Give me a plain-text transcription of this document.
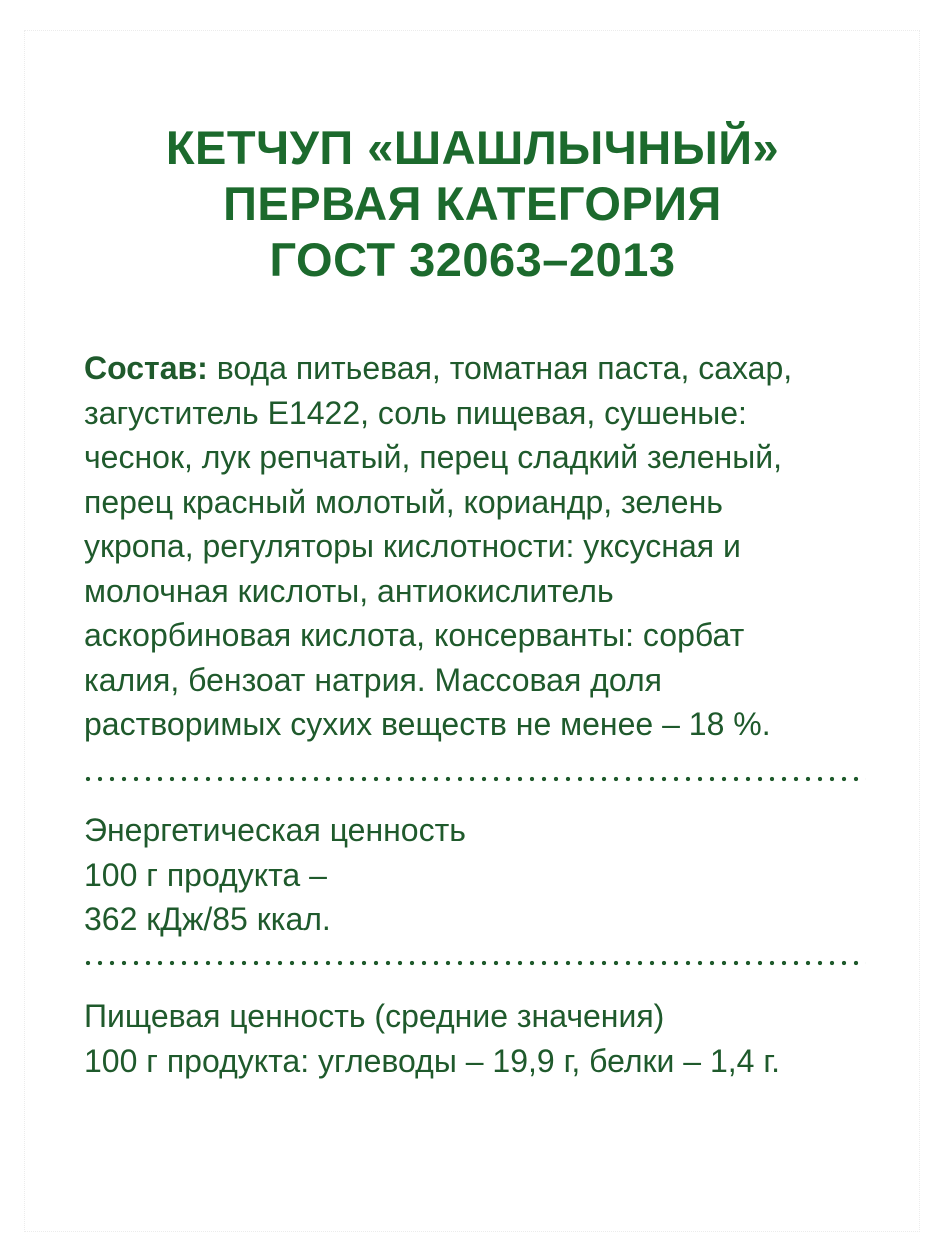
КЕТЧУП «ШАШЛЫЧНЫЙ»
ПЕРВАЯ КАТЕГОРИЯ
ГОСТ 32063–2013
Состав: вода питьевая, томатная паста, сахар,
загуститель Е1422, соль пищевая, сушеные:
чеснок, лук репчатый, перец сладкий зеленый,
перец красный молотый, кориандр, зелень
укропа, регуляторы кислотности: уксусная и
молочная кислоты, антиокислитель
аскорбиновая кислота, консерванты: сорбат
калия, бензоат натрия. Массовая доля
растворимых сухих веществ не менее – 18 %.
Энергетическая ценность
100 г продукта –
362 кДж/85 ккал.
Пищевая ценность (средние значения)
100 г продукта: углеводы – 19,9 г, белки – 1,4 г.
